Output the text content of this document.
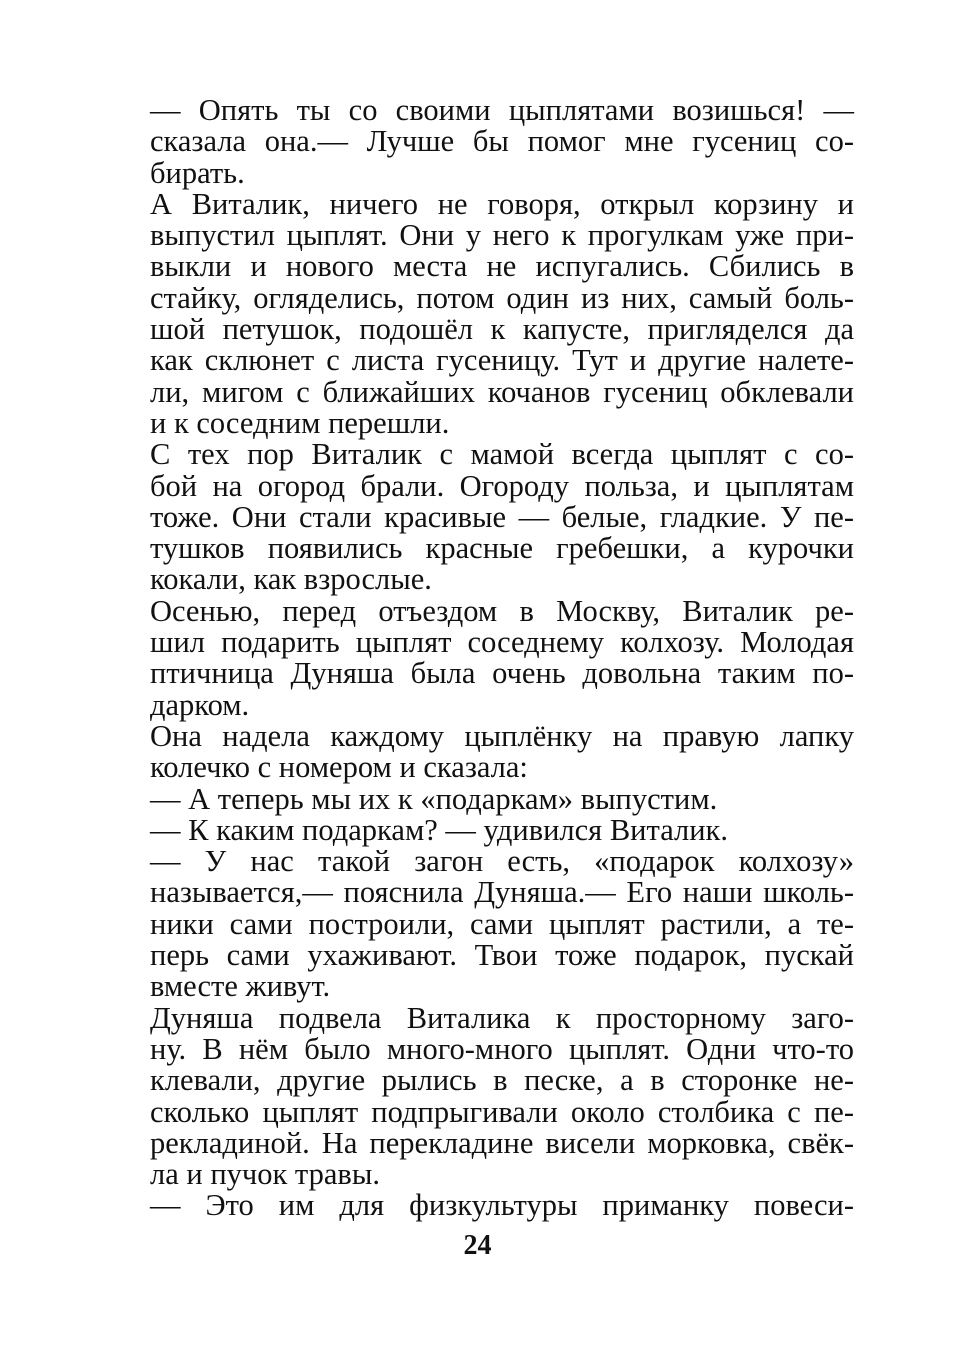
— Опять ты со своими цыплятами возишься! —
сказала она.— Лучше бы помог мне гусениц со-
бирать.
А Виталик, ничего не говоря, открыл корзину и
выпустил цыплят. Они у него к прогулкам уже при-
выкли и нового места не испугались. Сбились в
стайку, огляделись, потом один из них, самый боль-
шой петушок, подошёл к капусте, пригляделся да
как склюнет с листа гусеницу. Тут и другие налете-
ли, мигом с ближайших кочанов гусениц обклевали
и к соседним перешли.
С тех пор Виталик с мамой всегда цыплят с со-
бой на огород брали. Огороду польза, и цыплятам
тоже. Они стали красивые — белые, гладкие. У пе-
тушков появились красные гребешки, а курочки
кокали, как взрослые.
Осенью, перед отъездом в Москву, Виталик ре-
шил подарить цыплят соседнему колхозу. Молодая
птичница Дуняша была очень довольна таким по-
дарком.
Она надела каждому цыплёнку на правую лапку
колечко с номером и сказала:
— А теперь мы их к «подаркам» выпустим.
— К каким подаркам? — удивился Виталик.
— У нас такой загон есть, «подарок колхозу»
называется,— пояснила Дуняша.— Его наши школь-
ники сами построили, сами цыплят растили, а те-
перь сами ухаживают. Твои тоже подарок, пускай
вместе живут.
Дуняша подвела Виталика к просторному заго-
ну. В нём было много-много цыплят. Одни что-то
клевали, другие рылись в песке, а в сторонке не-
сколько цыплят подпрыгивали около столбика с пе-
рекладиной. На перекладине висели морковка, свёк-
ла и пучок травы.
— Это им для физкультуры приманку повеси-
24
